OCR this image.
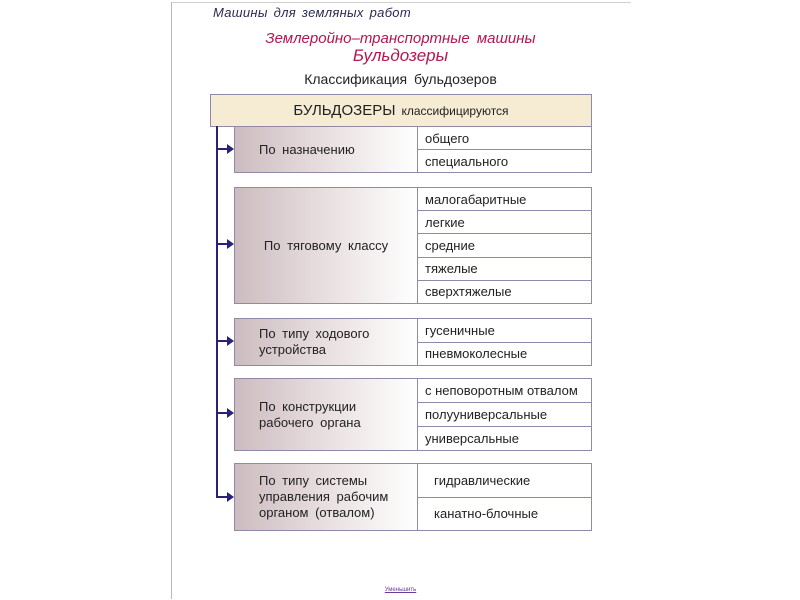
Машины для земляных работ
Землеройно–транспортные машины
Бульдозеры
Классификация бульдозеров
БУЛЬДОЗЕРЫ классифицируются
По назначению
общего
специального
По тяговому классу
малогабаритные
легкие
средние
тяжелые
сверхтяжелые
По типу ходового
устройства
гусеничные
пневмоколесные
По конструкции
рабочего органа
с неповоротным отвалом
полууниверсальные
универсальные
По типу системы
управления рабочим
органом (отвалом)
гидравлические
канатно-блочные
Уменьшить
